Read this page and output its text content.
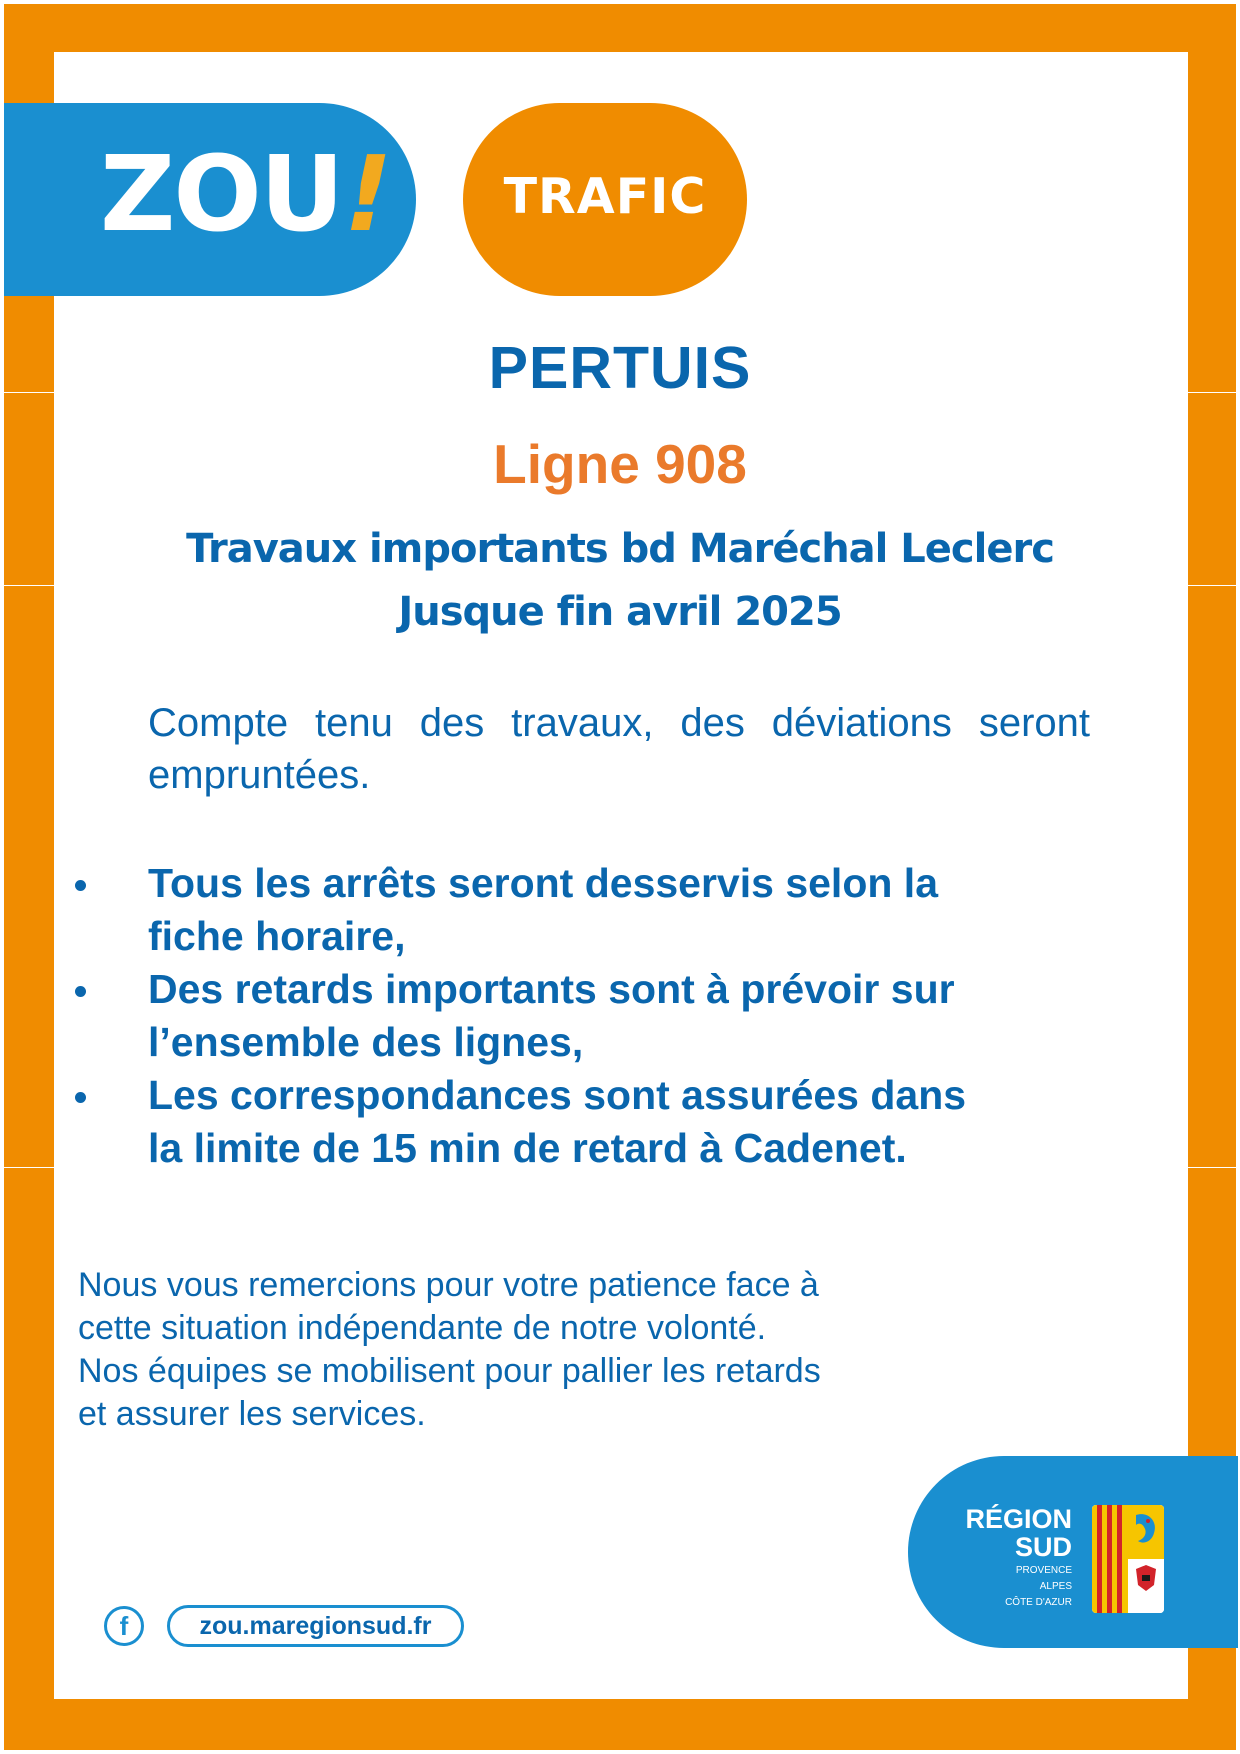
ZOU!	TRAFIC
PERTUIS
Ligne 908
Travaux importants bd Maréchal Leclerc
Jusque fin avril 2025

Compte tenu des travaux, des déviations seront empruntées.

Tous les arrêts seront desservis selon la
fiche horaire,
Des retards importants sont à prévoir sur
l’ensemble des lignes,
Les correspondances sont assurées dans
la limite de 15 min de retard à Cadenet.
Nous vous remercions pour votre patience face à
cette situation indépendante de notre volonté.
Nos équipes se mobilisent pour pallier les retards
et assurer les services.
f	zou.maregionsud.fr
RÉGION
SUD
PROVENCE
ALPES
CÔTE D'AZUR
